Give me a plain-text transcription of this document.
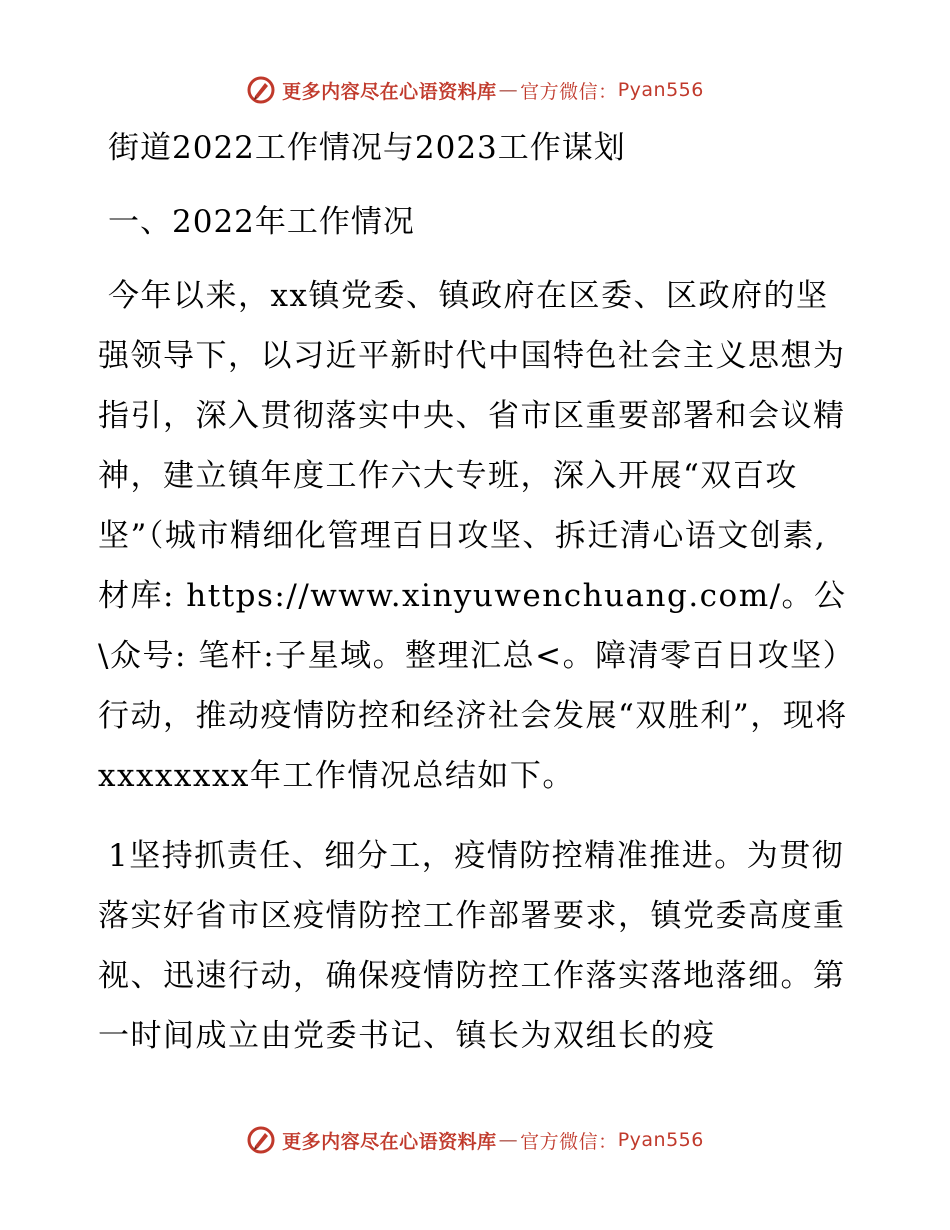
更多内容尽在心语资料库 — 官方微信： Pyan556
街道2022工作情况与2023工作谋划
一、2022年工作情况

今年以来，xx镇党委、镇政府在区委、区政府的坚强领导下，以习近平新时代中国特色社会主义思想为指引，深入贯彻落实中央、省市区重要部署和会议精神，建立镇年度工作六大专班，深入开展“双百攻坚”（城市精细化管理百日攻坚、拆迁清心语文创素,材库: https://www.xinyuwenchuang.com/。公\众号: 笔杆:子星域。整理汇总<。障清零百日攻坚）行动，推动疫情防控和经济社会发展“双胜利”，现将xxxxxxxx年工作情况总结如下。

1坚持抓责任、细分工，疫情防控精准推进。为贯彻落实好省市区疫情防控工作部署要求，镇党委高度重视、迅速行动，确保疫情防控工作落实落地落细。第一时间成立由党委书记、镇长为双组长的疫

更多内容尽在心语资料库 — 官方微信： Pyan556
